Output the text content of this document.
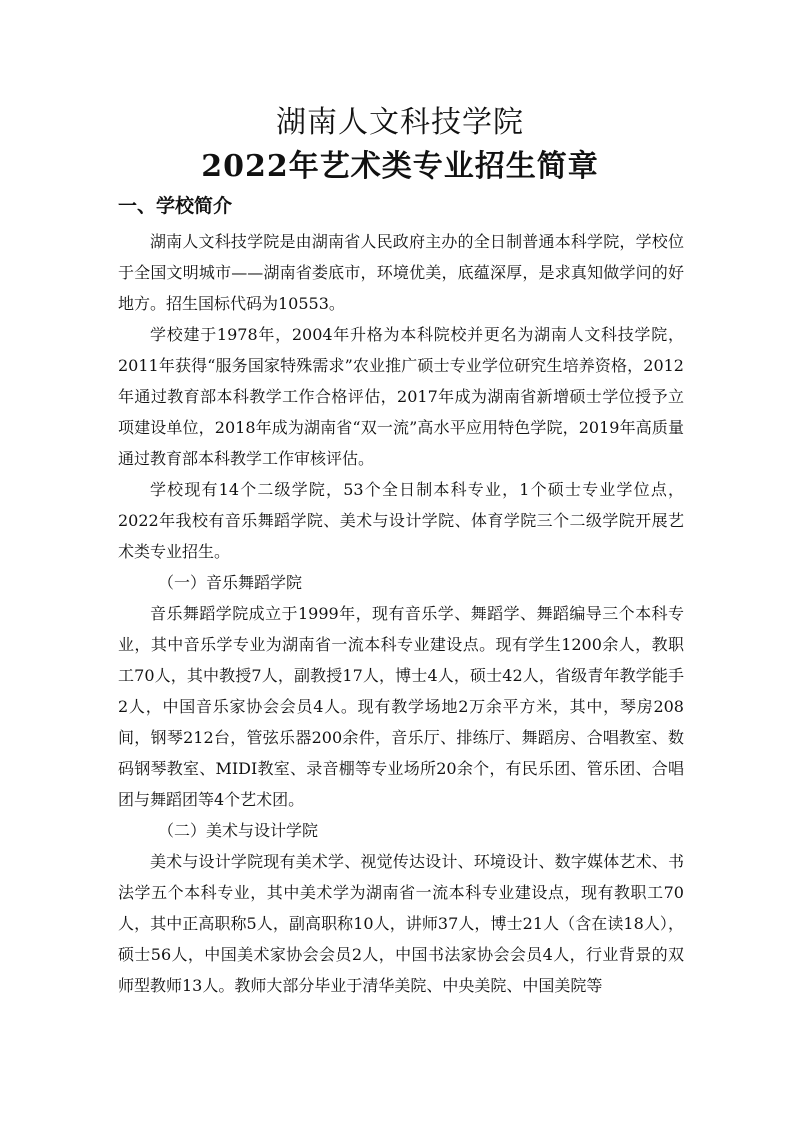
湖南人文科技学院
2022年艺术类专业招生简章
一、学校简介

湖南人文科技学院是由湖南省人民政府主办的全日制普通本科学院，学校位于全国文明城市——湖南省娄底市，环境优美，底蕴深厚，是求真知做学问的好地方。招生国标代码为10553。

学校建于1978年，2004年升格为本科院校并更名为湖南人文科技学院，2011年获得“服务国家特殊需求”农业推广硕士专业学位研究生培养资格，2012年通过教育部本科教学工作合格评估，2017年成为湖南省新增硕士学位授予立项建设单位，2018年成为湖南省“双一流”高水平应用特色学院，2019年高质量通过教育部本科教学工作审核评估。

学校现有14个二级学院，53个全日制本科专业，1个硕士专业学位点，2022年我校有音乐舞蹈学院、美术与设计学院、体育学院三个二级学院开展艺术类专业招生。

（一）音乐舞蹈学院

音乐舞蹈学院成立于1999年，现有音乐学、舞蹈学、舞蹈编导三个本科专业，其中音乐学专业为湖南省一流本科专业建设点。现有学生1200余人，教职工70人，其中教授7人，副教授17人，博士4人，硕士42人，省级青年教学能手2人，中国音乐家协会会员4人。现有教学场地2万余平方米，其中，琴房208间，钢琴212台，管弦乐器200余件，音乐厅、排练厅、舞蹈房、合唱教室、数码钢琴教室、MIDI教室、录音棚等专业场所20余个，有民乐团、管乐团、合唱团与舞蹈团等4个艺术团。

（二）美术与设计学院

美术与设计学院现有美术学、视觉传达设计、环境设计、数字媒体艺术、书法学五个本科专业，其中美术学为湖南省一流本科专业建设点，现有教职工70人，其中正高职称5人，副高职称10人，讲师37人，博士21人（含在读18人），硕士56人，中国美术家协会会员2人，中国书法家协会会员4人，行业背景的双师型教师13人。教师大部分毕业于清华美院、中央美院、中国美院等
